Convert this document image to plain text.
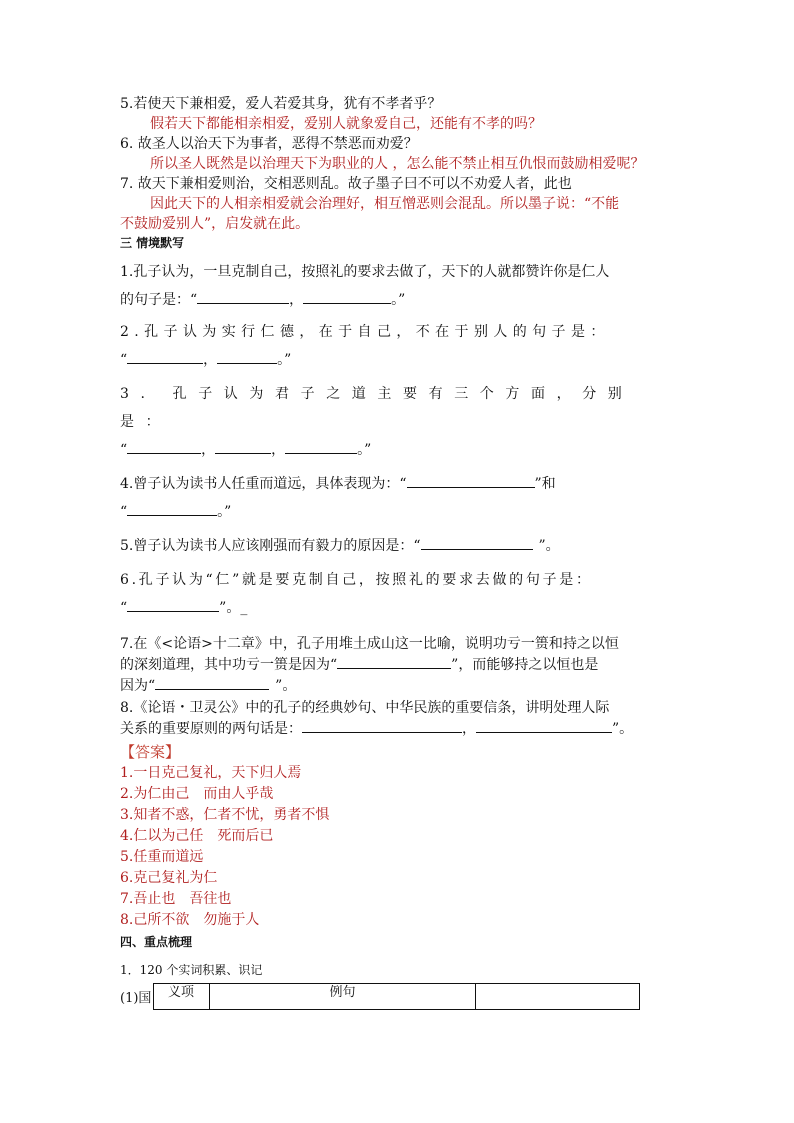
5.若使天下兼相爱，爱人若爱其身，犹有不孝者乎？
假若天下都能相亲相爱，爱别人就象爱自己，还能有不孝的吗？
6. 故圣人以治天下为事者，恶得不禁恶而劝爱？
所以圣人既然是以治理天下为职业的人 ，怎么能不禁止相互仇恨而鼓励相爱呢？
7. 故天下兼相爱则治，交相恶则乱。故子墨子曰不可以不劝爱人者，此也
因此天下的人相亲相爱就会治理好，相互憎恶则会混乱。所以墨子说：“不能
不鼓励爱别人”，启发就在此。
三 情境默写
1.孔子认为，一旦克制自己，按照礼的要求去做了，天下的人就都赞许你是仁人
的句子是：“	，	。”
2.孔子认为实行仁德，在于自己，不在于别人的句子是：
“	，	。”
3. 孔子认为君子之道主要有三个方面，分别是：
“	，	，	。”
4.曾子认为读书人任重而道远，具体表现为：“	”和
“	。”
5.曾子认为读书人应该刚强而有毅力的原因是：“	”。
6.孔子认为“仁”就是要克制自己，按照礼的要求去做的句子是：
“	”。_
7.在《<论语>十二章》中，孔子用堆土成山这一比喻，说明功亏一篑和持之以恒
的深刻道理，其中功亏一篑是因为“	”，而能够持之以恒也是
因为“	”。
8.《论语・卫灵公》中的孔子的经典妙句、中华民族的重要信条，讲明处理人际
关系的重要原则的两句话是：	，	”。
【答案】
1.一日克己复礼，天下归人焉
2.为仁由己　而由人乎哉
3.知者不惑，仁者不忧，勇者不惧
4.仁以为己任　死而后已
5.任重而道远
6.克己复礼为仁
7.吾止也　吾往也
8.己所不欲　勿施于人
四、重点梳理
1．120 个实词积累、识记
(1)国	义项	例句	
